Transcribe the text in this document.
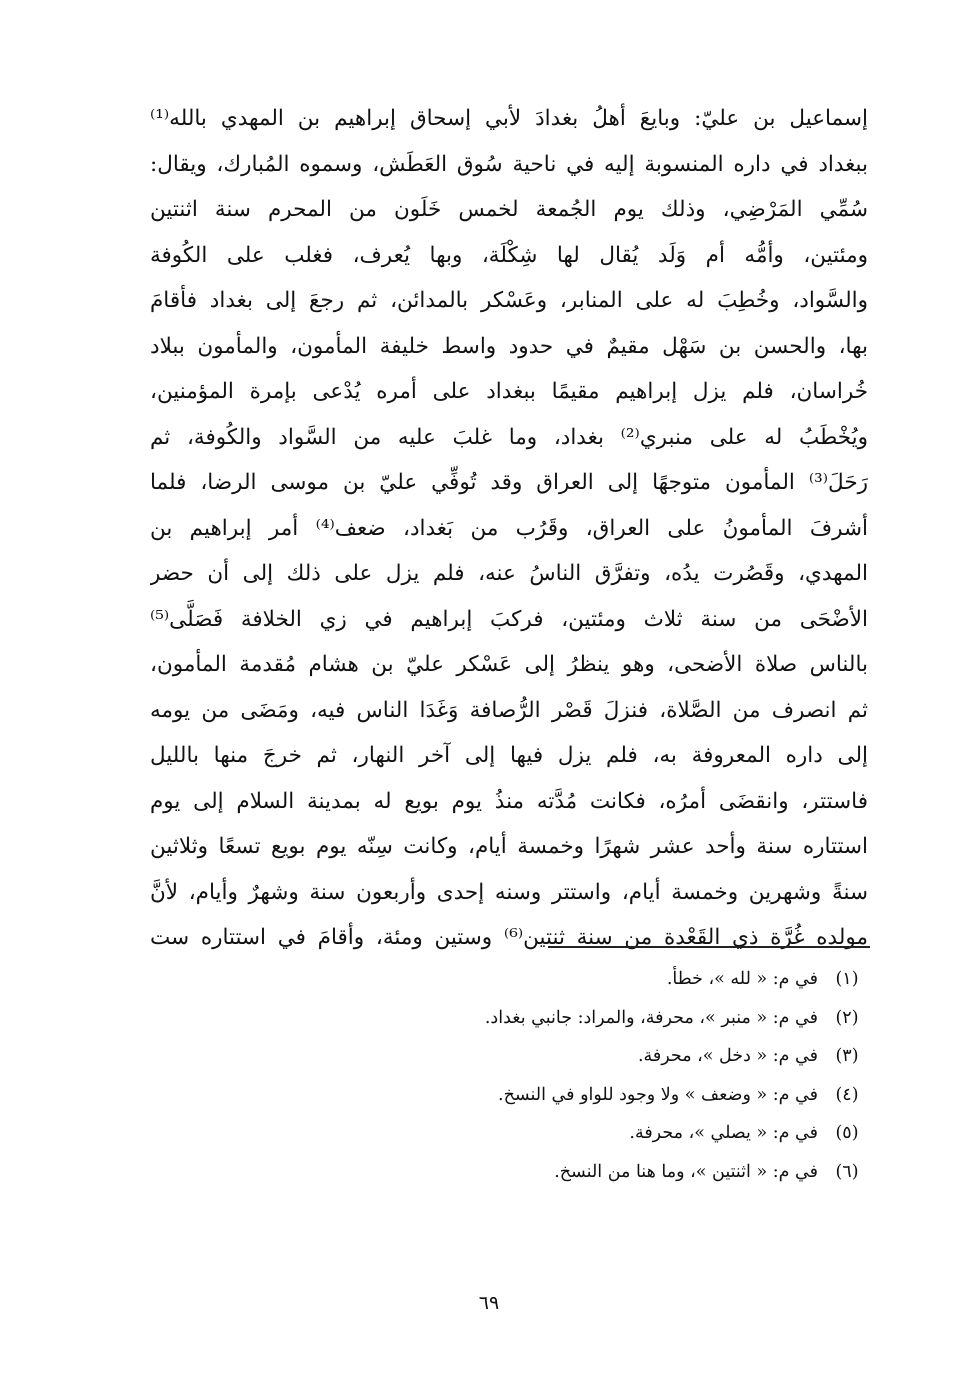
إسماعيل بن عليّ: وبايعَ أهلُ بغدادَ لأبي إسحاق إبراهيم بن المهدي بالله⁽¹⁾
ببغداد في داره المنسوبة إليه في ناحية سُوق العَطَش، وسموه المُبارك، ويقال:
سُمِّي المَرْضِي، وذلك يوم الجُمعة لخمس خَلَون من المحرم سنة اثنتين
ومئتين، وأمُّه أم وَلَد يُقال لها شِكْلَة، وبها يُعرف، فغلب على الكُوفة
والسَّواد، وخُطِبَ له على المنابر، وعَسْكر بالمدائن، ثم رجعَ إلى بغداد فأقامَ
بها، والحسن بن سَهْل مقيمٌ في حدود واسط خليفة المأمون، والمأمون ببلاد
خُراسان، فلم يزل إبراهيم مقيمًا ببغداد على أمره يُدْعى بإمرة المؤمنين،
ويُخْطَبُ له على منبري⁽²⁾ بغداد، وما غلبَ عليه من السَّواد والكُوفة، ثم
رَحَلَ⁽³⁾ المأمون متوجهًا إلى العراق وقد تُوفِّي عليّ بن موسى الرضا، فلما
أشرفَ المأمونُ على العراق، وقَرُب من بَغداد، ضعف⁽⁴⁾ أمر إبراهيم بن
المهدي، وقَصُرت يدُه، وتفرَّق الناسُ عنه، فلم يزل على ذلك إلى أن حضر
الأضْحَى من سنة ثلاث ومئتين، فركبَ إبراهيم في زي الخلافة فَصَلَّى⁽⁵⁾
بالناس صلاة الأضحى، وهو ينظرُ إلى عَسْكر عليّ بن هشام مُقدمة المأمون،
ثم انصرف من الصَّلاة، فنزلَ قَصْر الرُّصافة وَغَدَا الناس فيه، ومَضَى من يومه
إلى داره المعروفة به، فلم يزل فيها إلى آخر النهار، ثم خرجَ منها بالليل
فاستتر، وانقضَى أمرُه، فكانت مُدَّته منذُ يوم بويع له بمدينة السلام إلى يوم
استتاره سنة وأحد عشر شهرًا وخمسة أيام، وكانت سِنّه يوم بويع تسعًا وثلاثين
سنةً وشهرين وخمسة أيام، واستتر وسنه إحدى وأربعون سنة وشهرٌ وأيام، لأنَّ
مولده غُرَّة ذي القَعْدة من سنة ثنتين⁽⁶⁾ وستين ومئة، وأقامَ في استتاره ست
(١)
في م: « لله »، خطأ.
(٢)
في م: « منبر »، محرفة، والمراد: جانبي بغداد.
(٣)
في م: « دخل »، محرفة.
(٤)
في م: « وضعف » ولا وجود للواو في النسخ.
(٥)
في م: « يصلي »، محرفة.
(٦)
في م: « اثنتين »، وما هنا من النسخ.
٦٩
